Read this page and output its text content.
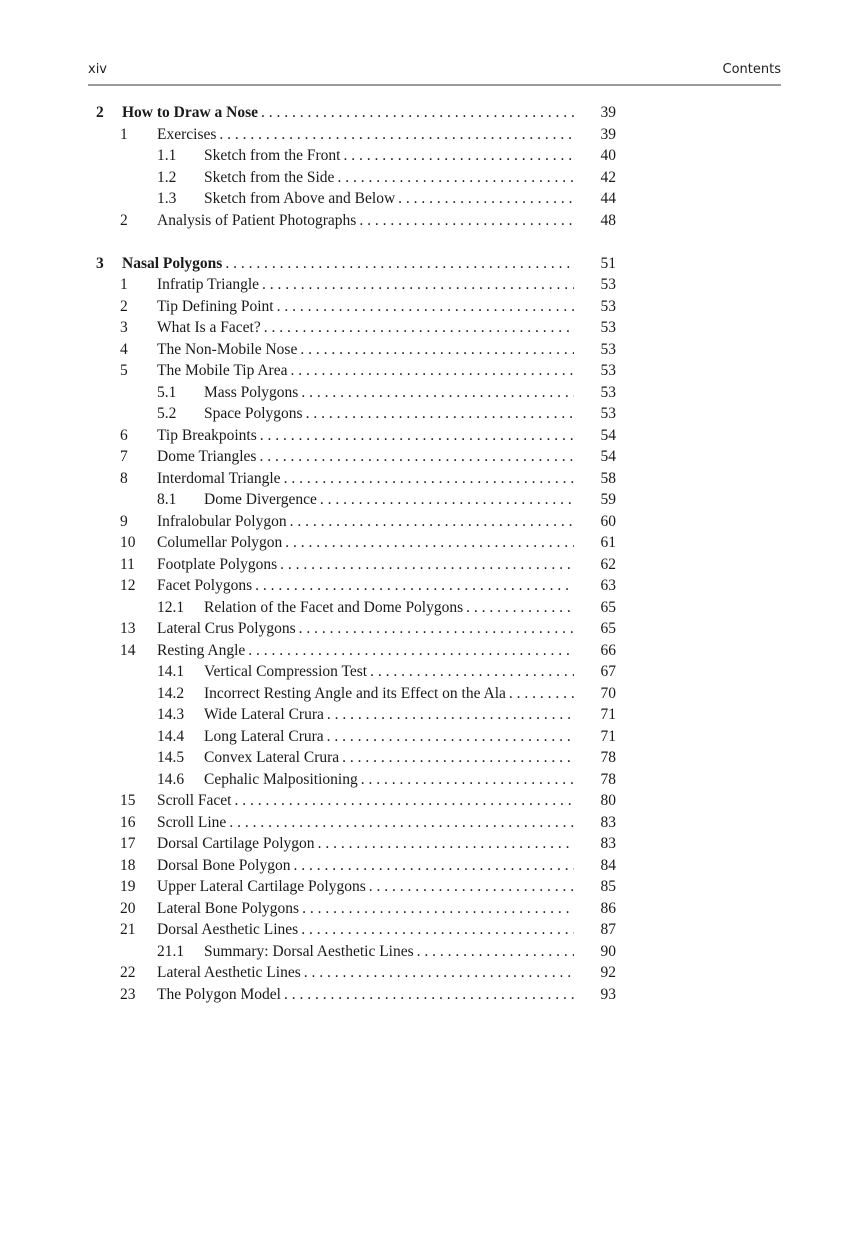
xiv	Contents
2 How to Draw a Nose . . .	39
1 Exercises . . .	39
1.1 Sketch from the Front . . .	40
1.2 Sketch from the Side . . .	42
1.3 Sketch from Above and Below . . .	44
2 Analysis of Patient Photographs . . .	48
3 Nasal Polygons . . .	51
1 Infratip Triangle . . .	53
2 Tip Defining Point . . .	53
3 What Is a Facet? . . .	53
4 The Non-Mobile Nose . . .	53
5 The Mobile Tip Area . . .	53
5.1 Mass Polygons . . .	53
5.2 Space Polygons . . .	53
6 Tip Breakpoints . . .	54
7 Dome Triangles . . .	54
8 Interdomal Triangle . . .	58
8.1 Dome Divergence . . .	59
9 Infralobular Polygon . . .	60
10 Columellar Polygon . . .	61
11 Footplate Polygons . . .	62
12 Facet Polygons . . .	63
12.1 Relation of the Facet and Dome Polygons . . .	65
13 Lateral Crus Polygons . . .	65
14 Resting Angle . . .	66
14.1 Vertical Compression Test . . .	67
14.2 Incorrect Resting Angle and its Effect on the Ala . . .	70
14.3 Wide Lateral Crura . . .	71
14.4 Long Lateral Crura . . .	71
14.5 Convex Lateral Crura . . .	78
14.6 Cephalic Malpositioning . . .	78
15 Scroll Facet . . .	80
16 Scroll Line . . .	83
17 Dorsal Cartilage Polygon . . .	83
18 Dorsal Bone Polygon . . .	84
19 Upper Lateral Cartilage Polygons . . .	85
20 Lateral Bone Polygons . . .	86
21 Dorsal Aesthetic Lines . . .	87
21.1 Summary: Dorsal Aesthetic Lines . . .	90
22 Lateral Aesthetic Lines . . .	92
23 The Polygon Model . . .	93
